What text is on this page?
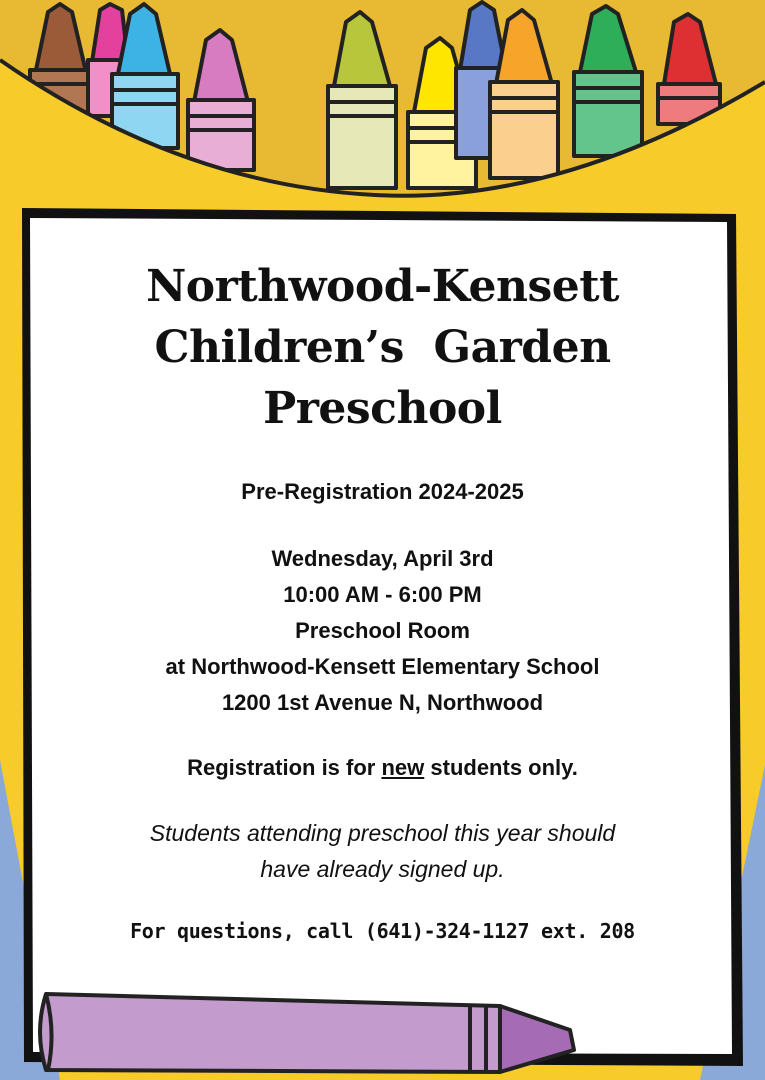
Northwood-Kensett
Children’s  Garden
Preschool
Pre-Registration 2024-2025
Wednesday, April 3rd
10:00 AM - 6:00 PM
Preschool Room
at Northwood-Kensett Elementary School
1200 1st Avenue N, Northwood
Registration is for new students only.
Students attending preschool this year should
have already signed up.
For questions, call (641)-324-1127 ext. 208
